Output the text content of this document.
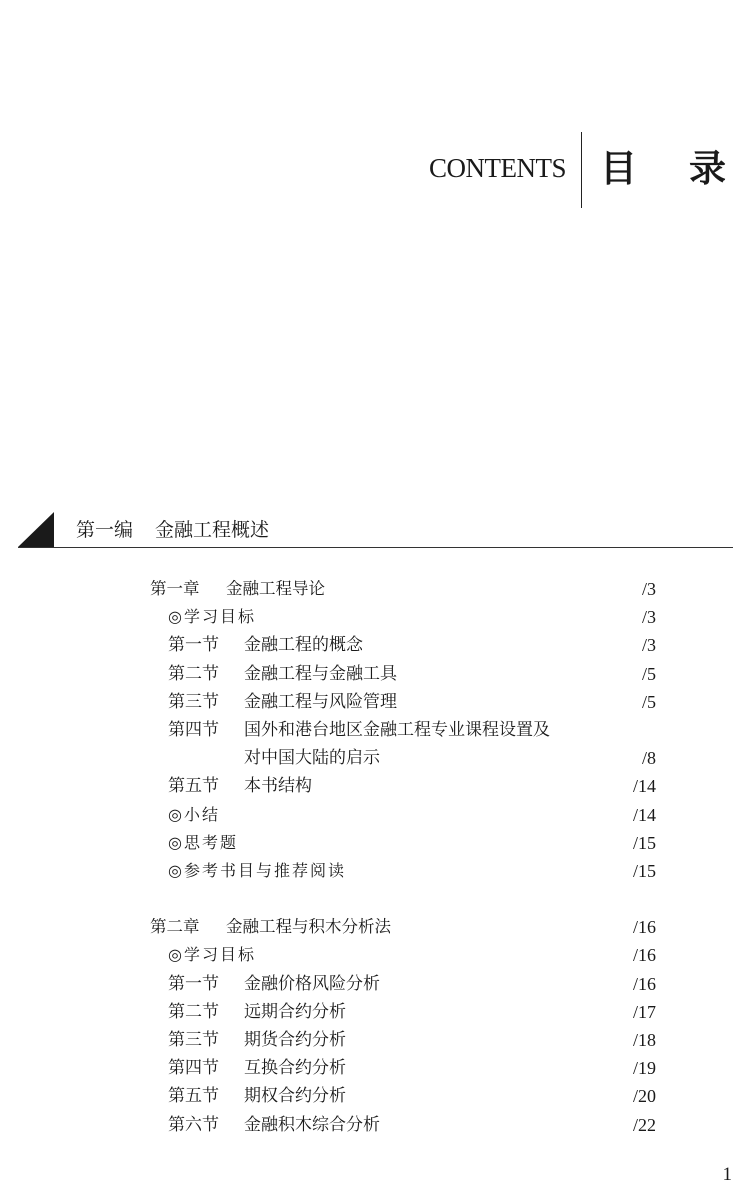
CONTENTS 目 录
第一编 金融工程概述
第一章 金融工程导论	/3
◎学习目标	/3
第一节 金融工程的概念	/3
第二节 金融工程与金融工具	/5
第三节 金融工程与风险管理	/5
第四节 国外和港台地区金融工程专业课程设置及
对中国大陆的启示	/8
第五节 本书结构	/14
◎小结	/14
◎思考题	/15
◎参考书目与推荐阅读	/15
第二章 金融工程与积木分析法	/16
◎学习目标	/16
第一节 金融价格风险分析	/16
第二节 远期合约分析	/17
第三节 期货合约分析	/18
第四节 互换合约分析	/19
第五节 期权合约分析	/20
第六节 金融积木综合分析	/22
1
